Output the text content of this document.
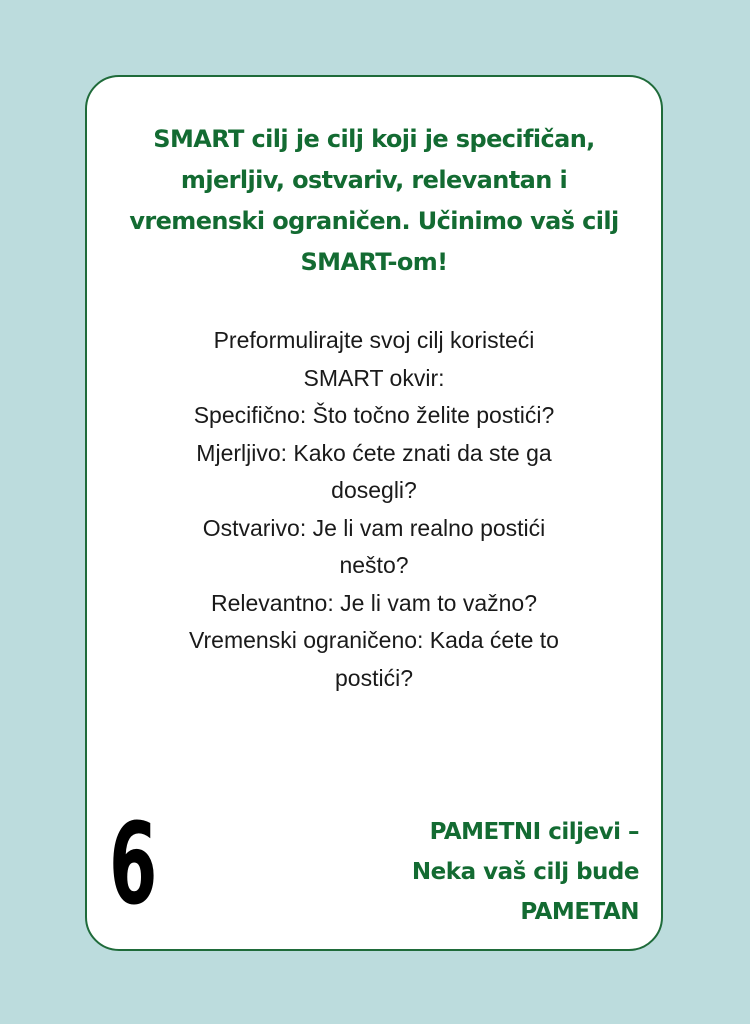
SMART cilj je cilj koji je specifičan, mjerljiv, ostvariv, relevantan i vremenski ograničen. Učinimo vaš cilj SMART-om!

Preformulirajte svoj cilj koristeći
SMART okvir:
Specifično: Što točno želite postići?
Mjerljivo: Kako ćete znati da ste ga
dosegli?
Ostvarivo: Je li vam realno postići
nešto?
Relevantno: Je li vam to važno?
Vremenski ograničeno: Kada ćete to
postići?
6	PAMETNI ciljevi –
Neka vaš cilj bude
PAMETAN
